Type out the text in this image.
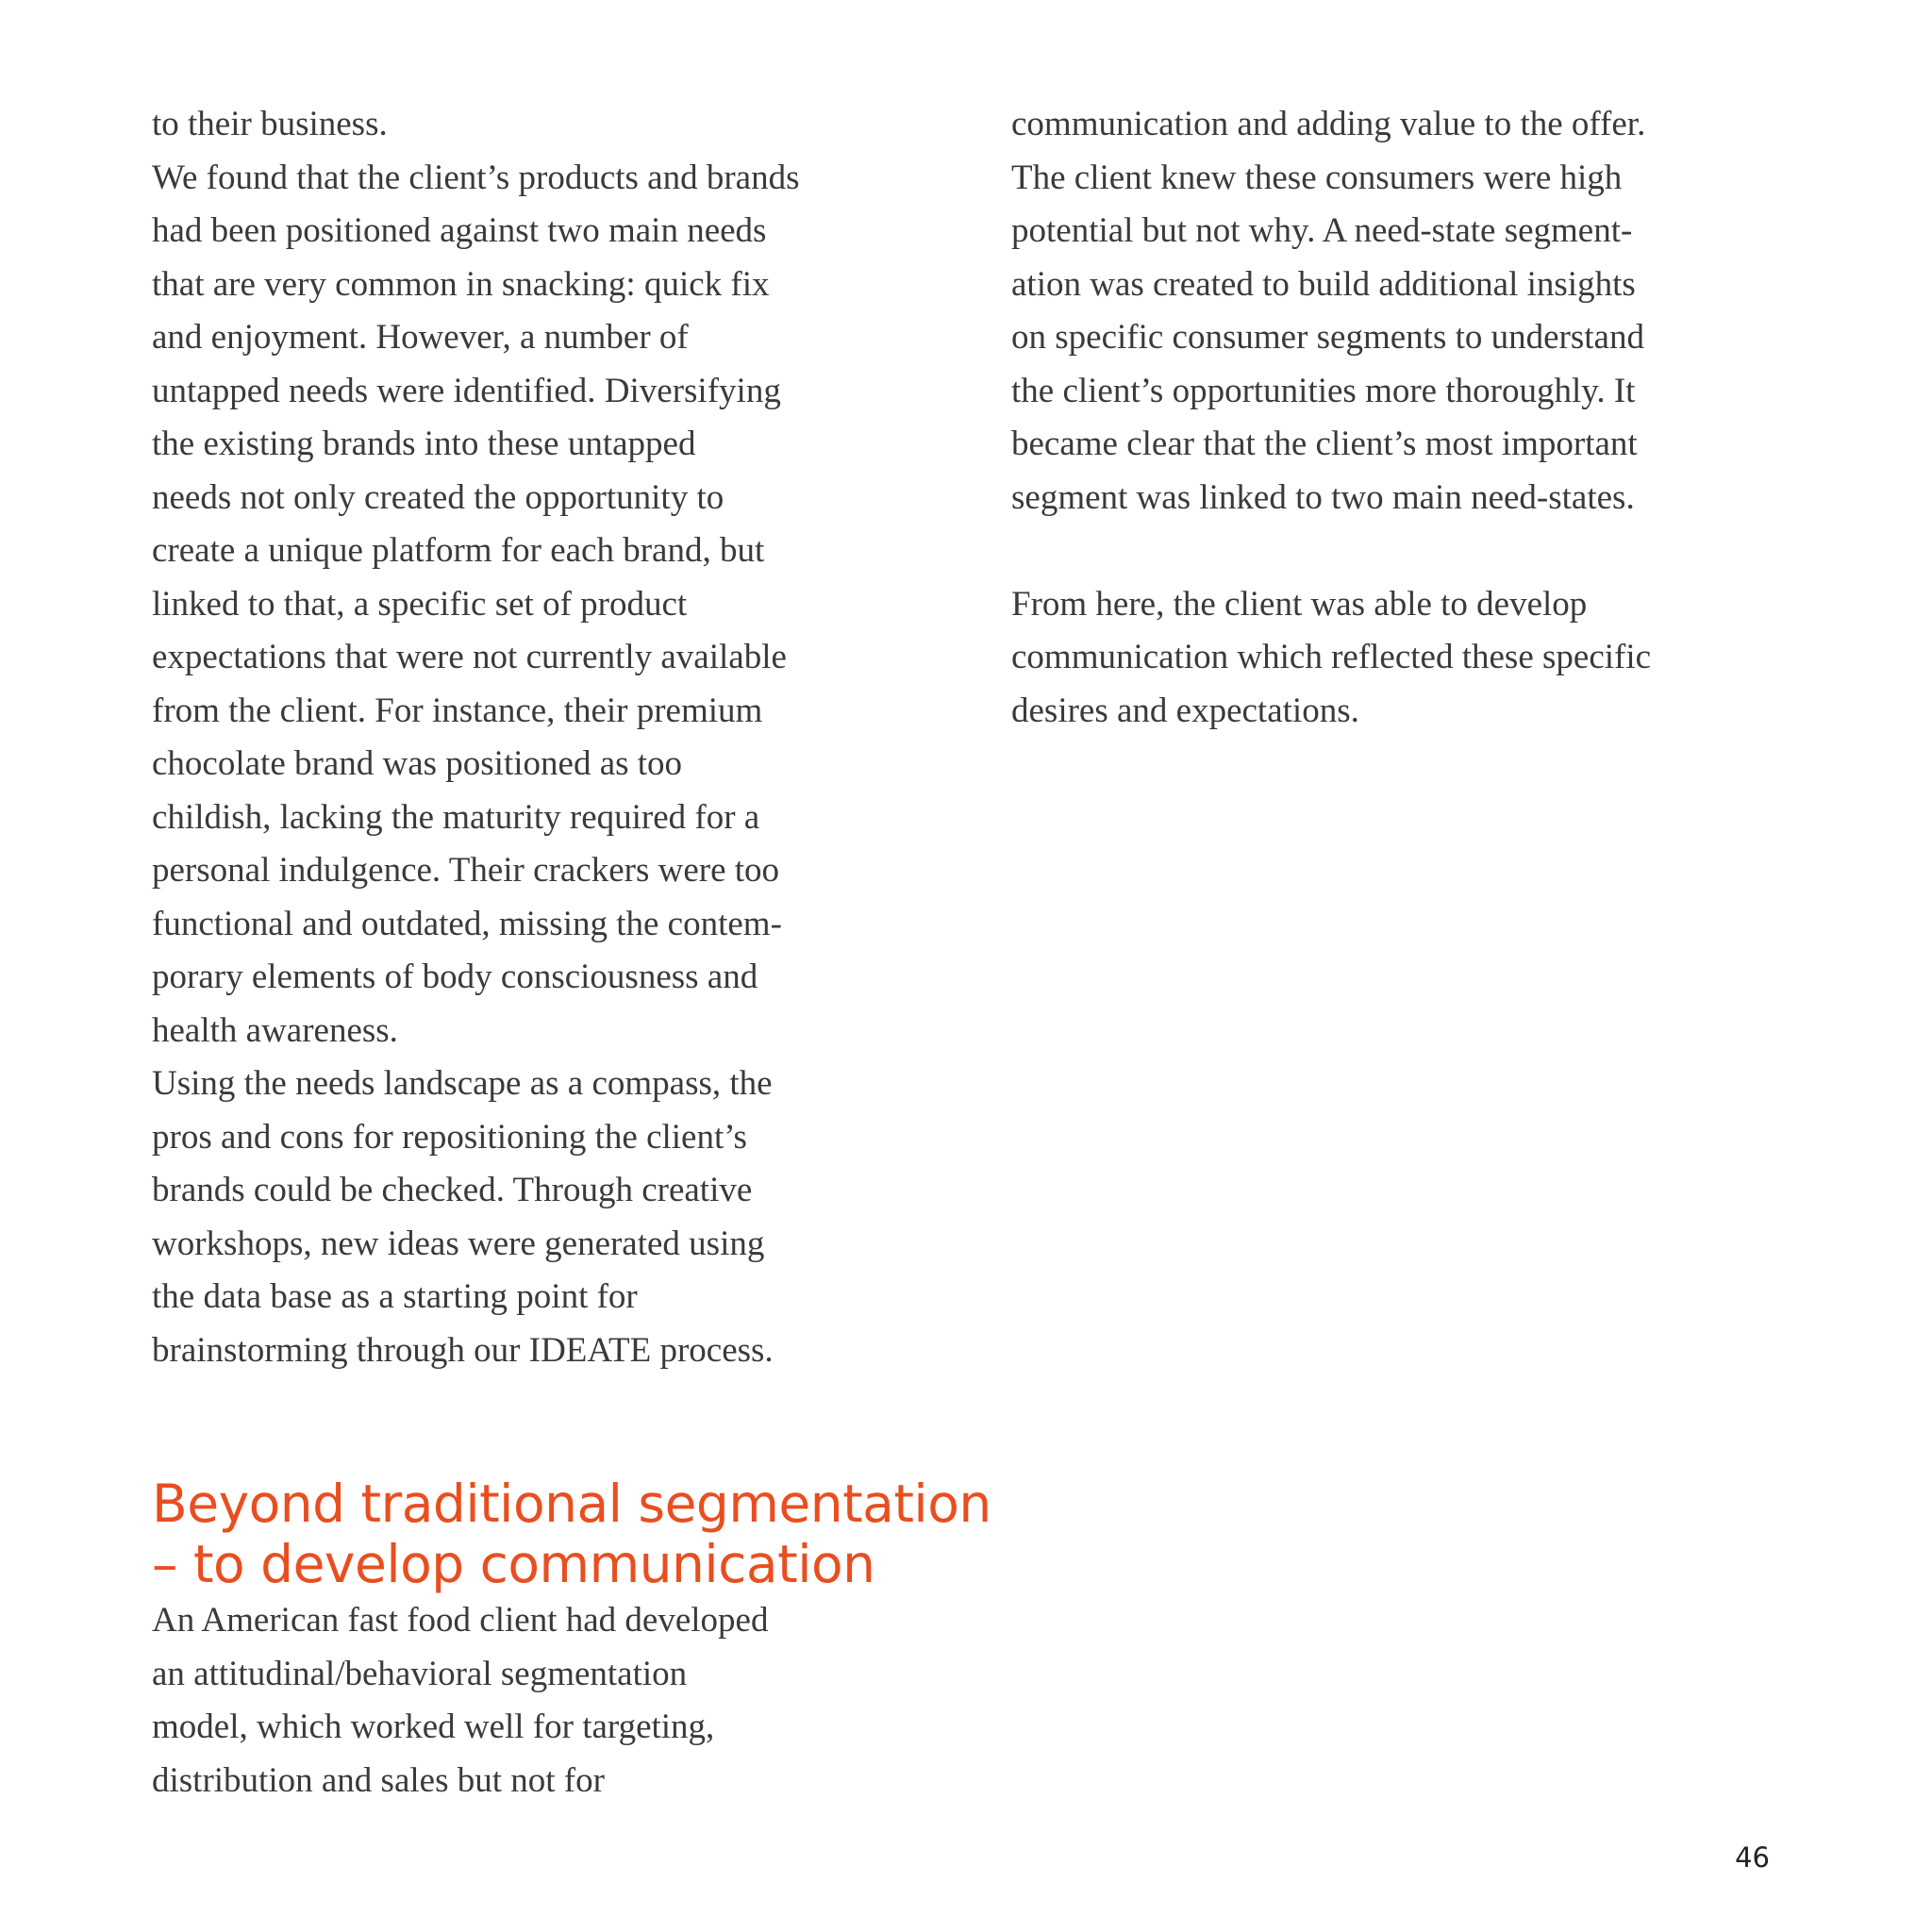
to their business.
We found that the client’s products and brands
had been positioned against two main needs
that are very common in snacking: quick fix
and enjoyment. However, a number of
untapped needs were identified. Diversifying
the existing brands into these untapped
needs not only created the opportunity to
create a unique platform for each brand, but
linked to that, a specific set of product
expectations that were not currently available
from the client. For instance, their premium
chocolate brand was positioned as too
childish, lacking the maturity required for a
personal indulgence. Their crackers were too
functional and outdated, missing the contem-
porary elements of body consciousness and
health awareness.
Using the needs landscape as a compass, the
pros and cons for repositioning the client’s
brands could be checked. Through creative
workshops, new ideas were generated using
the data base as a starting point for
brainstorming through our IDEATE process.
Beyond traditional segmentation
– to develop communication
An American fast food client had developed
an attitudinal/behavioral segmentation
model, which worked well for targeting,
distribution and sales but not for
communication and adding value to the offer.
The client knew these consumers were high
potential but not why. A need-state segment-
ation was created to build additional insights
on specific consumer segments to understand
the client’s opportunities more thoroughly. It
became clear that the client’s most important
segment was linked to two main need-states.
From here, the client was able to develop
communication which reflected these specific
desires and expectations.
46
